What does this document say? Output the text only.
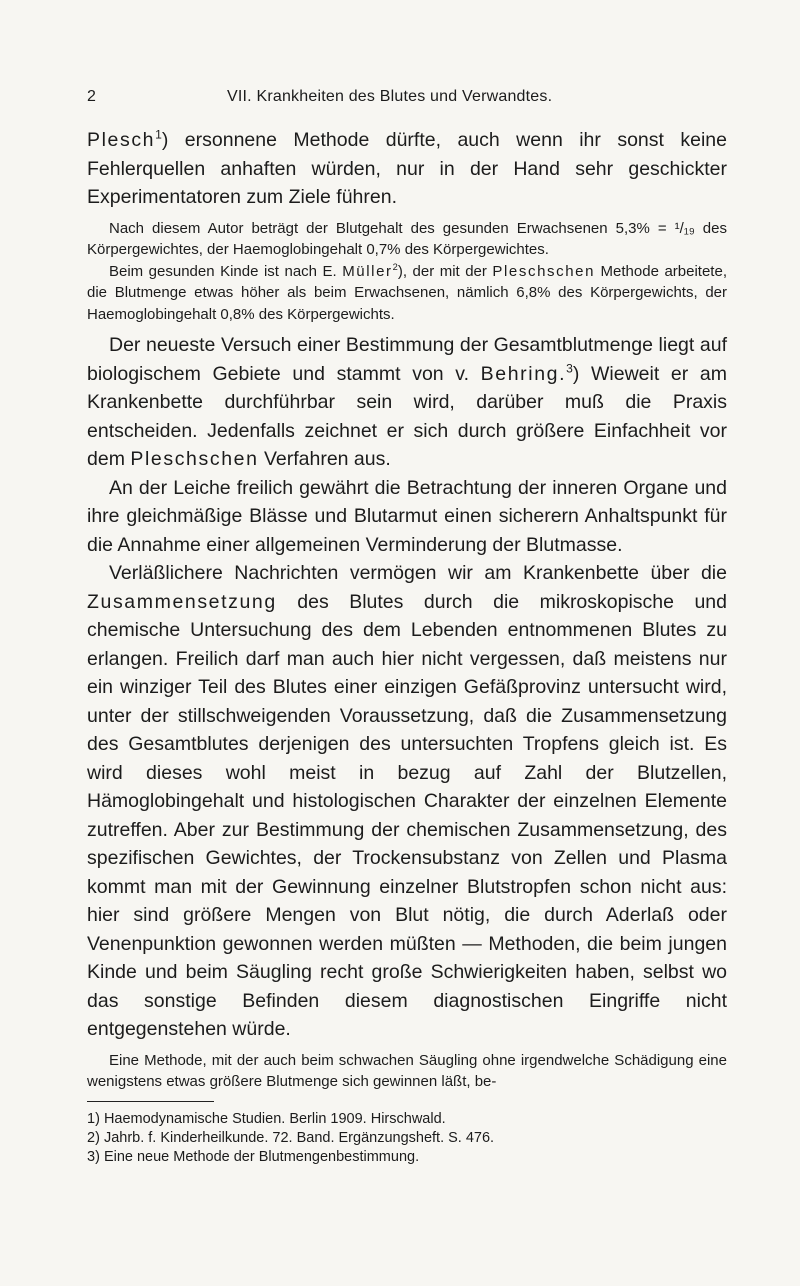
2	VII. Krankheiten des Blutes und Verwandtes.

Plesch$^1$) ersonnene Methode dürfte, auch wenn ihr sonst keine Fehlerquellen anhaften würden, nur in der Hand sehr geschickter Experimentatoren zum Ziele führen.

Nach diesem Autor beträgt der Blutgehalt des gesunden Erwachsenen 5,3% = ¹/₁₉ des Körpergewichtes, der Haemoglobingehalt 0,7% des Körpergewichtes.

Beim gesunden Kinde ist nach E. Müller$^2$), der mit der Pleschschen Methode arbeitete, die Blutmenge etwas höher als beim Erwachsenen, nämlich 6,8% des Körpergewichts, der Haemoglobingehalt 0,8% des Körpergewichts.

Der neueste Versuch einer Bestimmung der Gesamtblutmenge liegt auf biologischem Gebiete und stammt von v. Behring.$^3$) Wieweit er am Krankenbette durchführbar sein wird, darüber muß die Praxis entscheiden. Jedenfalls zeichnet er sich durch größere Einfachheit vor dem Pleschschen Verfahren aus.

An der Leiche freilich gewährt die Betrachtung der inneren Organe und ihre gleichmäßige Blässe und Blutarmut einen sicherern Anhaltspunkt für die Annahme einer allgemeinen Verminderung der Blutmasse.

Verläßlichere Nachrichten vermögen wir am Krankenbette über die Zusammensetzung des Blutes durch die mikroskopische und chemische Untersuchung des dem Lebenden entnommenen Blutes zu erlangen. Freilich darf man auch hier nicht vergessen, daß meistens nur ein winziger Teil des Blutes einer einzigen Gefäßprovinz untersucht wird, unter der stillschweigenden Voraussetzung, daß die Zusammensetzung des Gesamtblutes derjenigen des untersuchten Tropfens gleich ist. Es wird dieses wohl meist in bezug auf Zahl der Blutzellen, Hämoglobingehalt und histologischen Charakter der einzelnen Elemente zutreffen. Aber zur Bestimmung der chemischen Zusammensetzung, des spezifischen Gewichtes, der Trockensubstanz von Zellen und Plasma kommt man mit der Gewinnung einzelner Blutstropfen schon nicht aus: hier sind größere Mengen von Blut nötig, die durch Aderlaß oder Venenpunktion gewonnen werden müßten — Methoden, die beim jungen Kinde und beim Säugling recht große Schwierigkeiten haben, selbst wo das sonstige Befinden diesem diagnostischen Eingriffe nicht entgegenstehen würde.

Eine Methode, mit der auch beim schwachen Säugling ohne irgendwelche Schädigung eine wenigstens etwas größere Blutmenge sich gewinnen läßt, be-

1) Haemodynamische Studien. Berlin 1909. Hirschwald.
2) Jahrb. f. Kinderheilkunde. 72. Band. Ergänzungsheft. S. 476.
3) Eine neue Methode der Blutmengenbestimmung.
